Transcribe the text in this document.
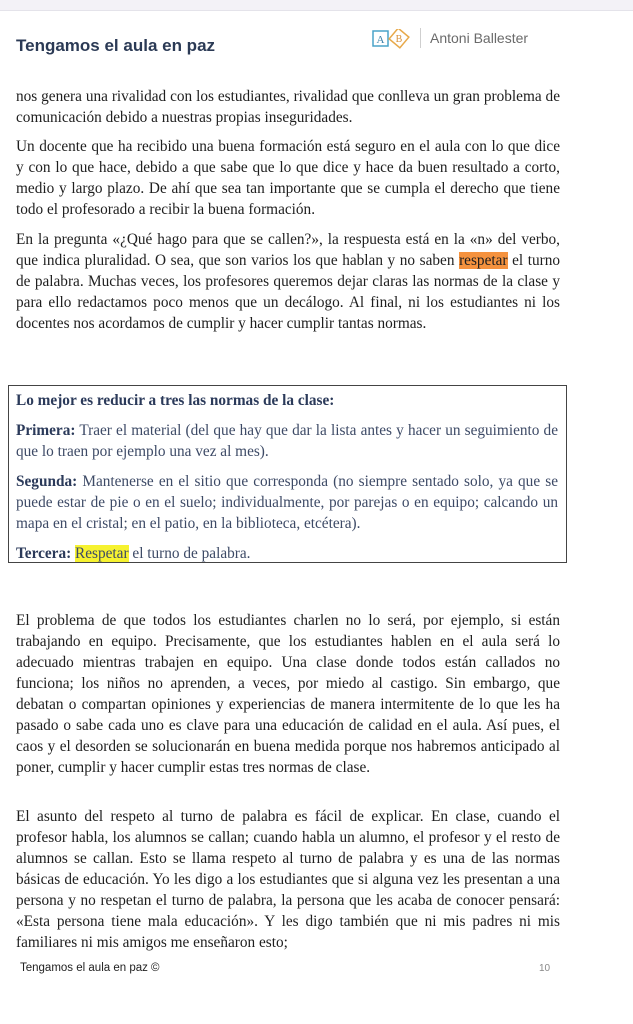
Tengamos el aula en paz	A B Antoni Ballester
nos genera una rivalidad con los estudiantes, rivalidad que conlleva un gran problema de comunicación debido a nuestras propias inseguridades.
Un docente que ha recibido una buena formación está seguro en el aula con lo que dice y con lo que hace, debido a que sabe que lo que dice y hace da buen resultado a corto, medio y largo plazo. De ahí que sea tan importante que se cumpla el derecho que tiene todo el profesorado a recibir la buena formación.
En la pregunta «¿Qué hago para que se callen?», la respuesta está en la «n» del verbo, que indica pluralidad. O sea, que son varios los que hablan y no saben respetar el turno de palabra. Muchas veces, los profesores queremos dejar claras las normas de la clase y para ello redactamos poco menos que un decálogo. Al final, ni los estudiantes ni los docentes nos acordamos de cumplir y hacer cumplir tantas normas.

Lo mejor es reducir a tres las normas de la clase:

Primera: Traer el material (del que hay que dar la lista antes y hacer un seguimiento de que lo traen por ejemplo una vez al mes).

Segunda: Mantenerse en el sitio que corresponda (no siempre sentado solo, ya que se puede estar de pie o en el suelo; individualmente, por parejas o en equipo; calcando un mapa en el cristal; en el patio, en la biblioteca, etcétera).

Tercera: Respetar el turno de palabra.

El problema de que todos los estudiantes charlen no lo será, por ejemplo, si están trabajando en equipo. Precisamente, que los estudiantes hablen en el aula será lo adecuado mientras trabajen en equipo. Una clase donde todos están callados no funciona; los niños no aprenden, a veces, por miedo al castigo. Sin embargo, que debatan o compartan opiniones y experiencias de manera intermitente de lo que les ha pasado o sabe cada uno es clave para una educación de calidad en el aula. Así pues, el caos y el desorden se solucionarán en buena medida porque nos habremos anticipado al poner, cumplir y hacer cumplir estas tres normas de clase.
El asunto del respeto al turno de palabra es fácil de explicar. En clase, cuando el profesor habla, los alumnos se callan; cuando habla un alumno, el profesor y el resto de alumnos se callan. Esto se llama respeto al turno de palabra y es una de las normas básicas de educación. Yo les digo a los estudiantes que si alguna vez les presentan a una persona y no respetan el turno de palabra, la persona que les acaba de conocer pensará: «Esta persona tiene mala educación». Y les digo también que ni mis padres ni mis familiares ni mis amigos me enseñaron esto;
Tengamos el aula en paz ©	10
